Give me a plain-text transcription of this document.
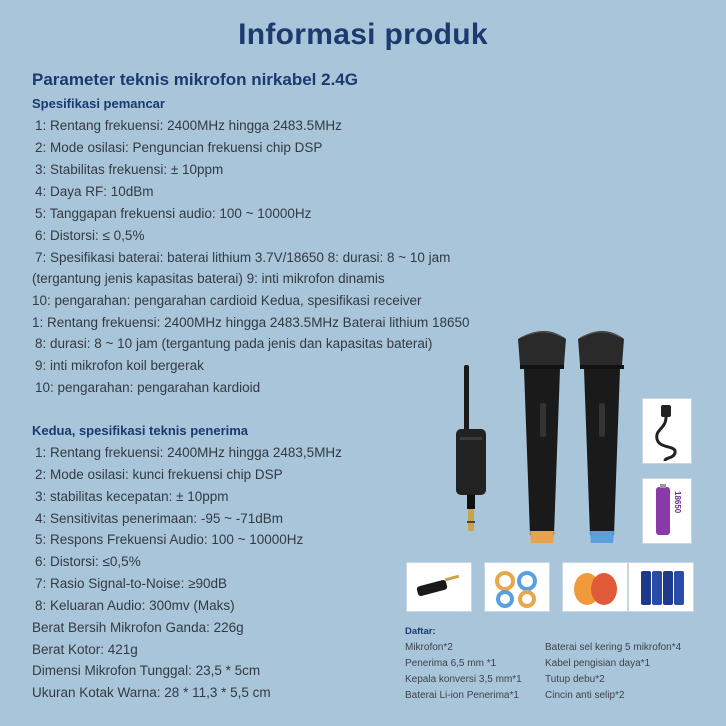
Informasi produk
Parameter teknis mikrofon nirkabel 2.4G
Spesifikasi pemancar
1: Rentang frekuensi: 2400MHz hingga 2483.5MHz
2: Mode osilasi: Penguncian frekuensi chip DSP
3: Stabilitas frekuensi: ± 10ppm
4: Daya RF: 10dBm
5: Tanggapan frekuensi audio: 100 ~ 10000Hz
6: Distorsi: ≤ 0,5%
7: Spesifikasi baterai: baterai lithium 3.7V/18650 8: durasi: 8 ~ 10 jam
(tergantung jenis kapasitas baterai) 9: inti mikrofon dinamis
10: pengarahan: pengarahan cardioid Kedua, spesifikasi receiver
1: Rentang frekuensi: 2400MHz hingga 2483.5MHz Baterai lithium 18650
8: durasi: 8 ~ 10 jam (tergantung pada jenis dan kapasitas baterai)
9: inti mikrofon koil bergerak
10: pengarahan: pengarahan kardioid
Kedua, spesifikasi teknis penerima
1: Rentang frekuensi: 2400MHz hingga 2483,5MHz
2: Mode osilasi: kunci frekuensi chip DSP
3: stabilitas kecepatan: ± 10ppm
4: Sensitivitas penerimaan: -95 ~ -71dBm
5: Respons Frekuensi Audio: 100 ~ 10000Hz
6: Distorsi: ≤0,5%
7: Rasio Signal-to-Noise: ≥90dB
8: Keluaran Audio: 300mv (Maks)
Berat Bersih Mikrofon Ganda: 226g
Berat Kotor: 421g
Dimensi Mikrofon Tunggal: 23,5 * 5cm
Ukuran Kotak Warna: 28 * 11,3 * 5,5 cm
18650
Daftar:
Mikrofon*2
Penerima 6,5 mm *1
Kepala konversi 3,5 mm*1
Baterai Li-ion Penerima*1
Baterai sel kering 5 mikrofon*4
Kabel pengisian daya*1
Tutup debu*2
Cincin anti selip*2
